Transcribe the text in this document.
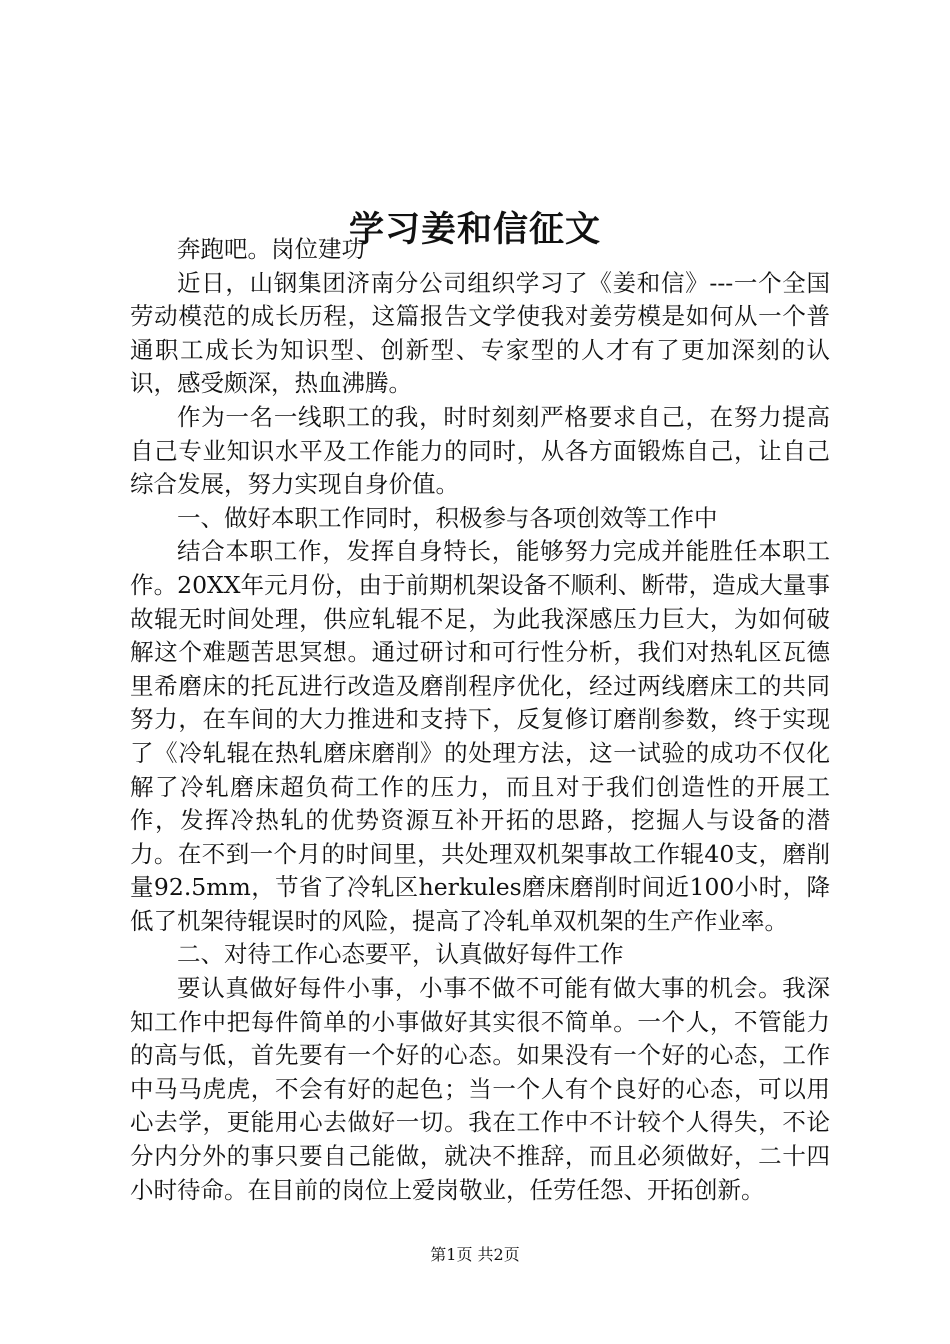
学习姜和信征文

奔跑吧。岗位建功

近日，山钢集团济南分公司组织学习了《姜和信》---一个全国劳动模范的成长历程，这篇报告文学使我对姜劳模是如何从一个普通职工成长为知识型、创新型、专家型的人才有了更加深刻的认识，感受颇深，热血沸腾。

作为一名一线职工的我，时时刻刻严格要求自己，在努力提高自己专业知识水平及工作能力的同时，从各方面锻炼自己，让自己综合发展，努力实现自身价值。

一、做好本职工作同时，积极参与各项创效等工作中

结合本职工作，发挥自身特长，能够努力完成并能胜任本职工作。20XX年元月份，由于前期机架设备不顺利、断带，造成大量事故辊无时间处理，供应轧辊不足，为此我深感压力巨大，为如何破解这个难题苦思冥想。通过研讨和可行性分析，我们对热轧区瓦德里希磨床的托瓦进行改造及磨削程序优化，经过两线磨床工的共同努力，在车间的大力推进和支持下，反复修订磨削参数，终于实现了《冷轧辊在热轧磨床磨削》的处理方法，这一试验的成功不仅化解了冷轧磨床超负荷工作的压力，而且对于我们创造性的开展工作，发挥冷热轧的优势资源互补开拓的思路，挖掘人与设备的潜力。在不到一个月的时间里，共处理双机架事故工作辊40支，磨削量92.5mm，节省了冷轧区herkules磨床磨削时间近100小时，降低了机架待辊误时的风险，提高了冷轧单双机架的生产作业率。

二、对待工作心态要平，认真做好每件工作

要认真做好每件小事，小事不做不可能有做大事的机会。我深知工作中把每件简单的小事做好其实很不简单。一个人，不管能力的高与低，首先要有一个好的心态。如果没有一个好的心态，工作中马马虎虎，不会有好的起色；当一个人有个良好的心态，可以用心去学，更能用心去做好一切。我在工作中不计较个人得失，不论分内分外的事只要自己能做，就决不推辞，而且必须做好，二十四小时待命。在目前的岗位上爱岗敬业，任劳任怨、开拓创新。

第1页 共2页
